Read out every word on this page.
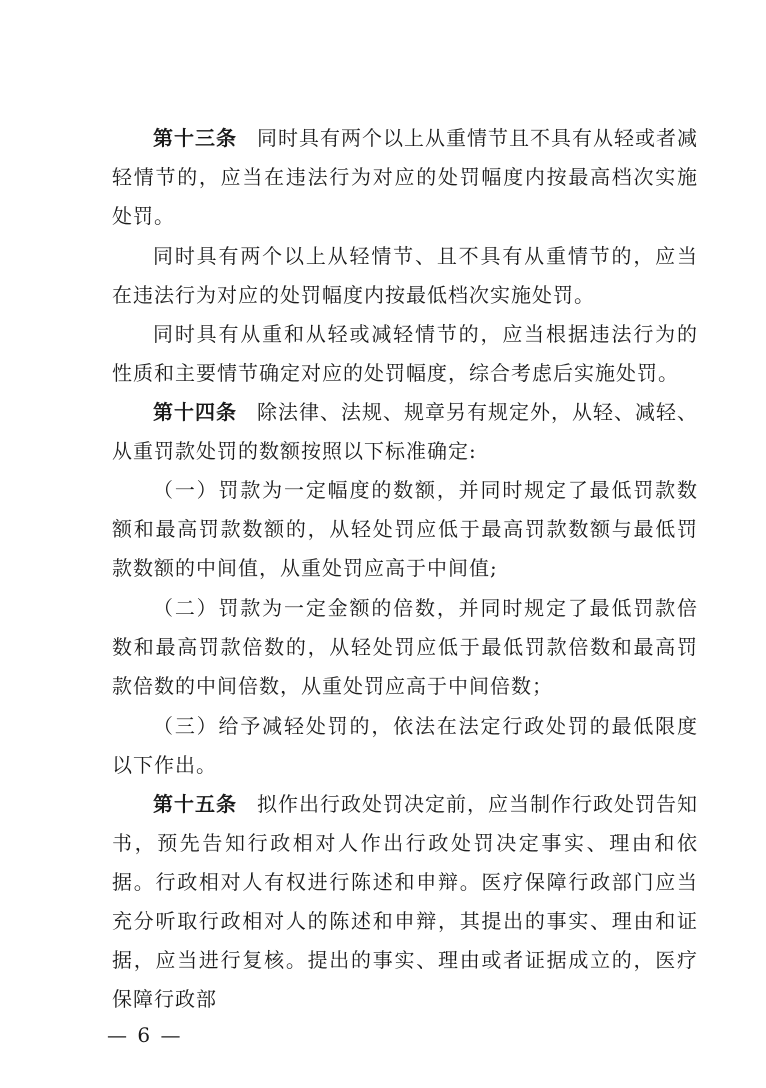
第十三条 同时具有两个以上从重情节且不具有从轻或者减轻情节的，应当在违法行为对应的处罚幅度内按最高档次实施处罚。

同时具有两个以上从轻情节、且不具有从重情节的，应当在违法行为对应的处罚幅度内按最低档次实施处罚。

同时具有从重和从轻或减轻情节的，应当根据违法行为的性质和主要情节确定对应的处罚幅度，综合考虑后实施处罚。

第十四条 除法律、法规、规章另有规定外，从轻、减轻、从重罚款处罚的数额按照以下标准确定:

（一）罚款为一定幅度的数额，并同时规定了最低罚款数额和最高罚款数额的，从轻处罚应低于最高罚款数额与最低罚款数额的中间值，从重处罚应高于中间值;

（二）罚款为一定金额的倍数，并同时规定了最低罚款倍数和最高罚款倍数的，从轻处罚应低于最低罚款倍数和最高罚款倍数的中间倍数，从重处罚应高于中间倍数；

（三）给予减轻处罚的，依法在法定行政处罚的最低限度以下作出。

第十五条 拟作出行政处罚决定前，应当制作行政处罚告知书，预先告知行政相对人作出行政处罚决定事实、理由和依据。行政相对人有权进行陈述和申辩。医疗保障行政部门应当充分听取行政相对人的陈述和申辩，其提出的事实、理由和证据，应当进行复核。提出的事实、理由或者证据成立的，医疗保障行政部

— 6 —
